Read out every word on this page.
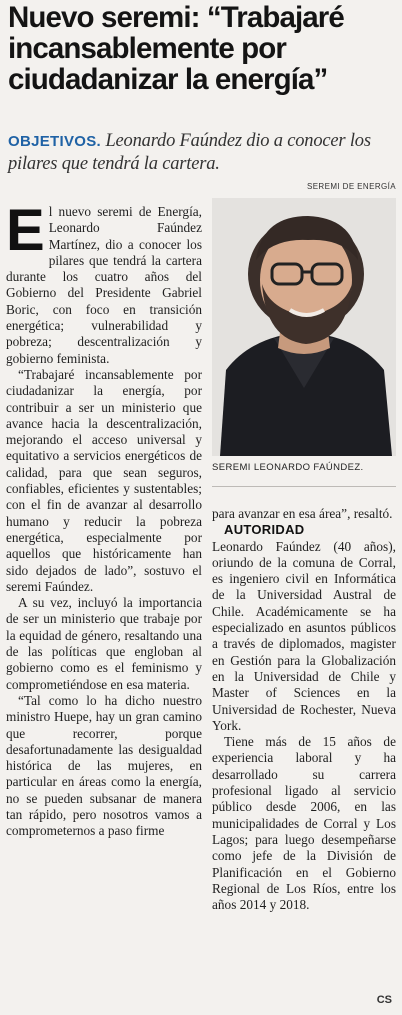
Nuevo seremi: “Trabajaré incansablemente por ciudadanizar la energía”

OBJETIVOS. Leonardo Faúndez dio a conocer los pilares que tendrá la cartera.

SEREMI DE ENERGÍA
SEREMI LEONARDO FAÚNDEZ.

El nuevo seremi de Energía, Leonardo Faúndez Martínez, dio a conocer los pilares que tendrá la cartera durante los cuatro años del Gobierno del Presidente Gabriel Boric, con foco en transición energética; vulnerabilidad y pobreza; descentralización y gobierno feminista.

“Trabajaré incansablemente por ciudadanizar la energía, por contribuir a ser un ministerio que avance hacia la descentralización, mejorando el acceso universal y equitativo a servicios energéticos de calidad, para que sean seguros, confiables, eficientes y sustentables; con el fin de avanzar al desarrollo humano y reducir la pobreza energética, especialmente por aquellos que históricamente han sido dejados de lado”, sostuvo el seremi Faúndez.

A su vez, incluyó la importancia de ser un ministerio que trabaje por la equidad de género, resaltando una de las políticas que engloban al gobierno como es el feminismo y comprometiéndose en esa materia.

“Tal como lo ha dicho nuestro ministro Huepe, hay un gran camino que recorrer, porque desafortunadamente las desigualdad histórica de las mujeres, en particular en áreas como la energía, no se pueden subsanar de manera tan rápido, pero nosotros vamos a comprometernos a paso firme

para avanzar en esa área”, resaltó.

AUTORIDAD

Leonardo Faúndez (40 años), oriundo de la comuna de Corral, es ingeniero civil en Informática de la Universidad Austral de Chile. Académicamente se ha especializado en asuntos públicos a través de diplomados, magister en Gestión para la Globalización en la Universidad de Chile y Master of Sciences en la Universidad de Rochester, Nueva York.

Tiene más de 15 años de experiencia laboral y ha desarrollado su carrera profesional ligado al servicio público desde 2006, en las municipalidades de Corral y Los Lagos; para luego desempeñarse como jefe de la División de Planificación en el Gobierno Regional de Los Ríos, entre los años 2014 y 2018.

CS
